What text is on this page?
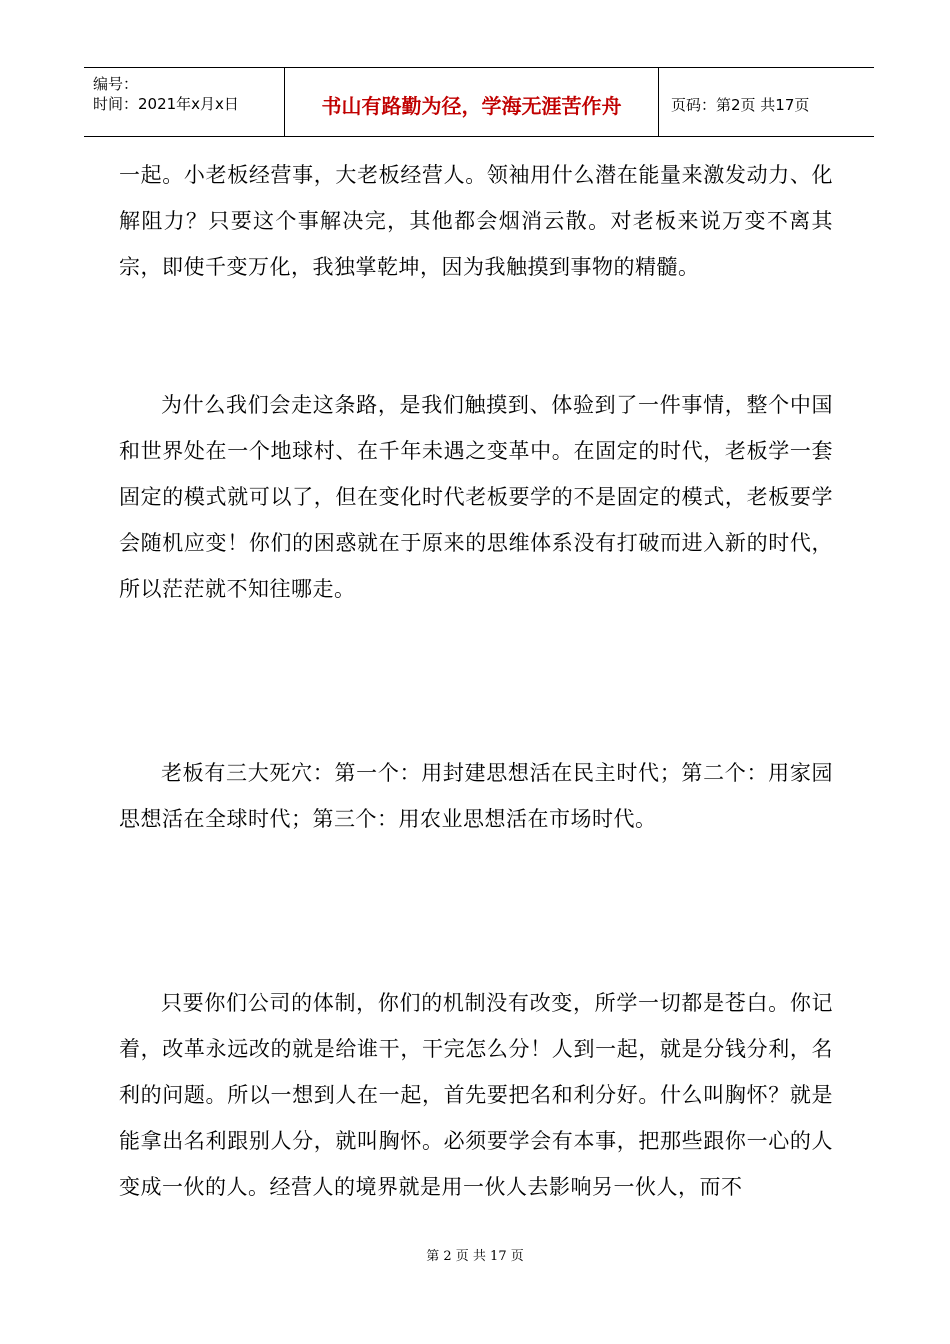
编号：
时间：2021年x月x日	书山有路勤为径，学海无涯苦作舟	页码：第2页 共17页

一起。小老板经营事，大老板经营人。领袖用什么潜在能量来激发动力、化解阻力？只要这个事解决完，其他都会烟消云散。对老板来说万变不离其宗，即使千变万化，我独掌乾坤，因为我触摸到事物的精髓。

为什么我们会走这条路，是我们触摸到、体验到了一件事情，整个中国和世界处在一个地球村、在千年未遇之变革中。在固定的时代，老板学一套固定的模式就可以了，但在变化时代老板要学的不是固定的模式，老板要学会随机应变！你们的困惑就在于原来的思维体系没有打破而进入新的时代，所以茫茫就不知往哪走。

老板有三大死穴：第一个：用封建思想活在民主时代；第二个：用家园思想活在全球时代；第三个：用农业思想活在市场时代。

只要你们公司的体制，你们的机制没有改变，所学一切都是苍白。你记着，改革永远改的就是给谁干，干完怎么分！人到一起，就是分钱分利，名利的问题。所以一想到人在一起，首先要把名和利分好。什么叫胸怀？就是能拿出名利跟别人分，就叫胸怀。必须要学会有本事，把那些跟你一心的人变成一伙的人。经营人的境界就是用一伙人去影响另一伙人，而不

第 2 页 共 17 页
